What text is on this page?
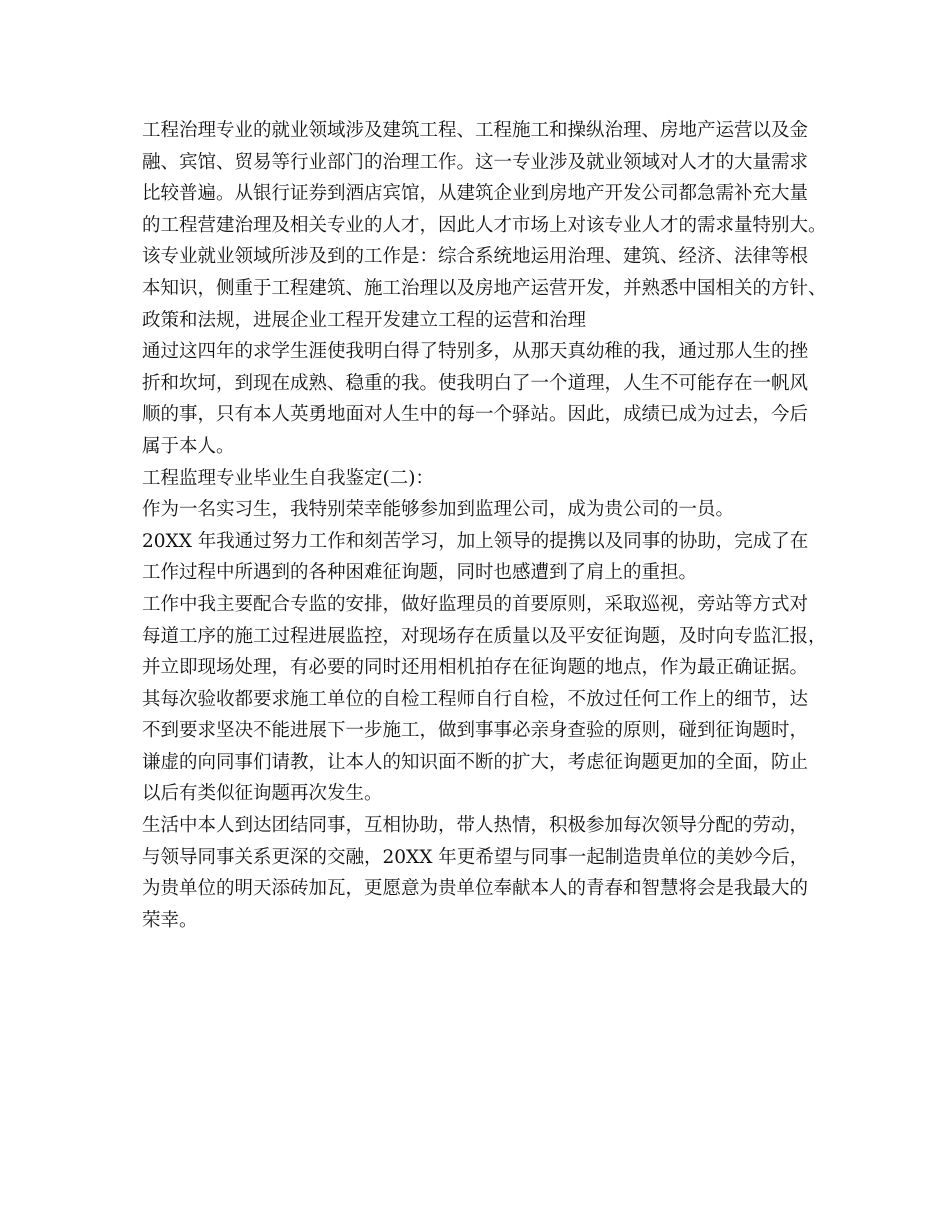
工程治理专业的就业领域涉及建筑工程、工程施工和操纵治理、房地产运营以及金
融、宾馆、贸易等行业部门的治理工作。这一专业涉及就业领域对人才的大量需求
比较普遍。从银行证券到酒店宾馆，从建筑企业到房地产开发公司都急需补充大量
的工程营建治理及相关专业的人才，因此人才市场上对该专业人才的需求量特别大。
该专业就业领域所涉及到的工作是：综合系统地运用治理、建筑、经济、法律等根
本知识，侧重于工程建筑、施工治理以及房地产运营开发，并熟悉中国相关的方针、
政策和法规，进展企业工程开发建立工程的运营和治理
通过这四年的求学生涯使我明白得了特别多，从那天真幼稚的我，通过那人生的挫
折和坎坷，到现在成熟、稳重的我。使我明白了一个道理，人生不可能存在一帆风
顺的事，只有本人英勇地面对人生中的每一个驿站。因此，成绩已成为过去，今后
属于本人。
工程监理专业毕业生自我鉴定(二)：
作为一名实习生，我特别荣幸能够参加到监理公司，成为贵公司的一员。
20XX 年我通过努力工作和刻苦学习，加上领导的提携以及同事的协助，完成了在
工作过程中所遇到的各种困难征询题，同时也感遭到了肩上的重担。
工作中我主要配合专监的安排，做好监理员的首要原则，采取巡视，旁站等方式对
每道工序的施工过程进展监控，对现场存在质量以及平安征询题，及时向专监汇报，
并立即现场处理，有必要的同时还用相机拍存在征询题的地点，作为最正确证据。
其每次验收都要求施工单位的自检工程师自行自检，不放过任何工作上的细节，达
不到要求坚决不能进展下一步施工，做到事事必亲身查验的原则，碰到征询题时，
谦虚的向同事们请教，让本人的知识面不断的扩大，考虑征询题更加的全面，防止
以后有类似征询题再次发生。
生活中本人到达团结同事，互相协助，带人热情，积极参加每次领导分配的劳动，
与领导同事关系更深的交融，20XX 年更希望与同事一起制造贵单位的美妙今后，
为贵单位的明天添砖加瓦，更愿意为贵单位奉献本人的青春和智慧将会是我最大的
荣幸。
